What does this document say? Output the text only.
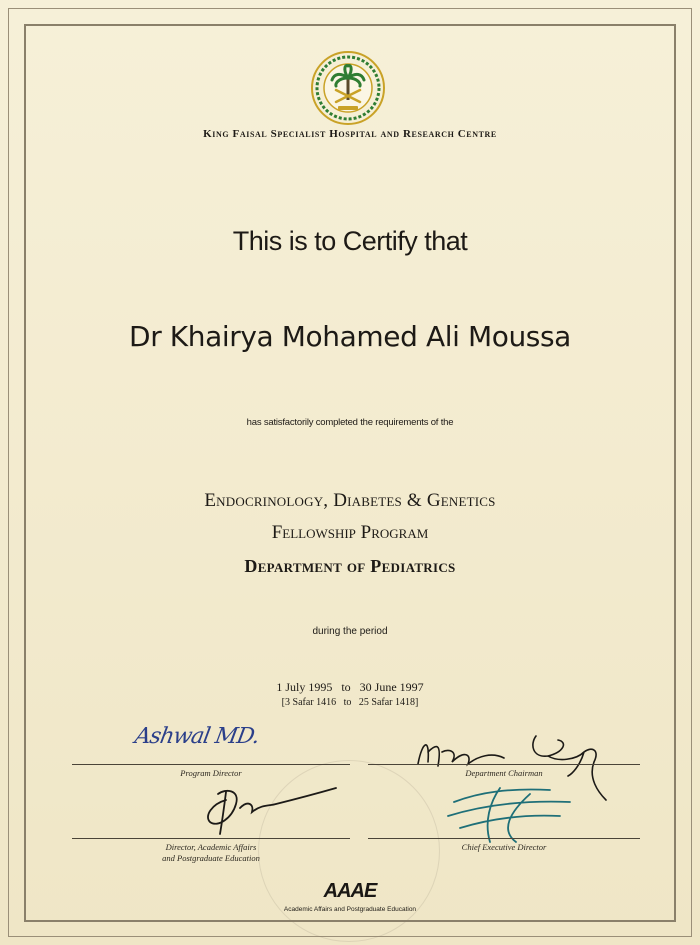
King Faisal Specialist Hospital and Research Centre
This is to Certify that
Dr Khairya Mohamed Ali Moussa
has satisfactorily completed the requirements of the
Endocrinology, Diabetes & Genetics
Fellowship Program
Department of Pediatrics
during the period
1 July 1995   to   30 June 1997
[3 Safar 1416   to   25 Safar 1418]
Ashwal MD.
Program Director	Department Chairman
Director, Academic Affairs
and Postgraduate Education
Chief Executive Director
AAAE
Academic Affairs and Postgraduate Education
